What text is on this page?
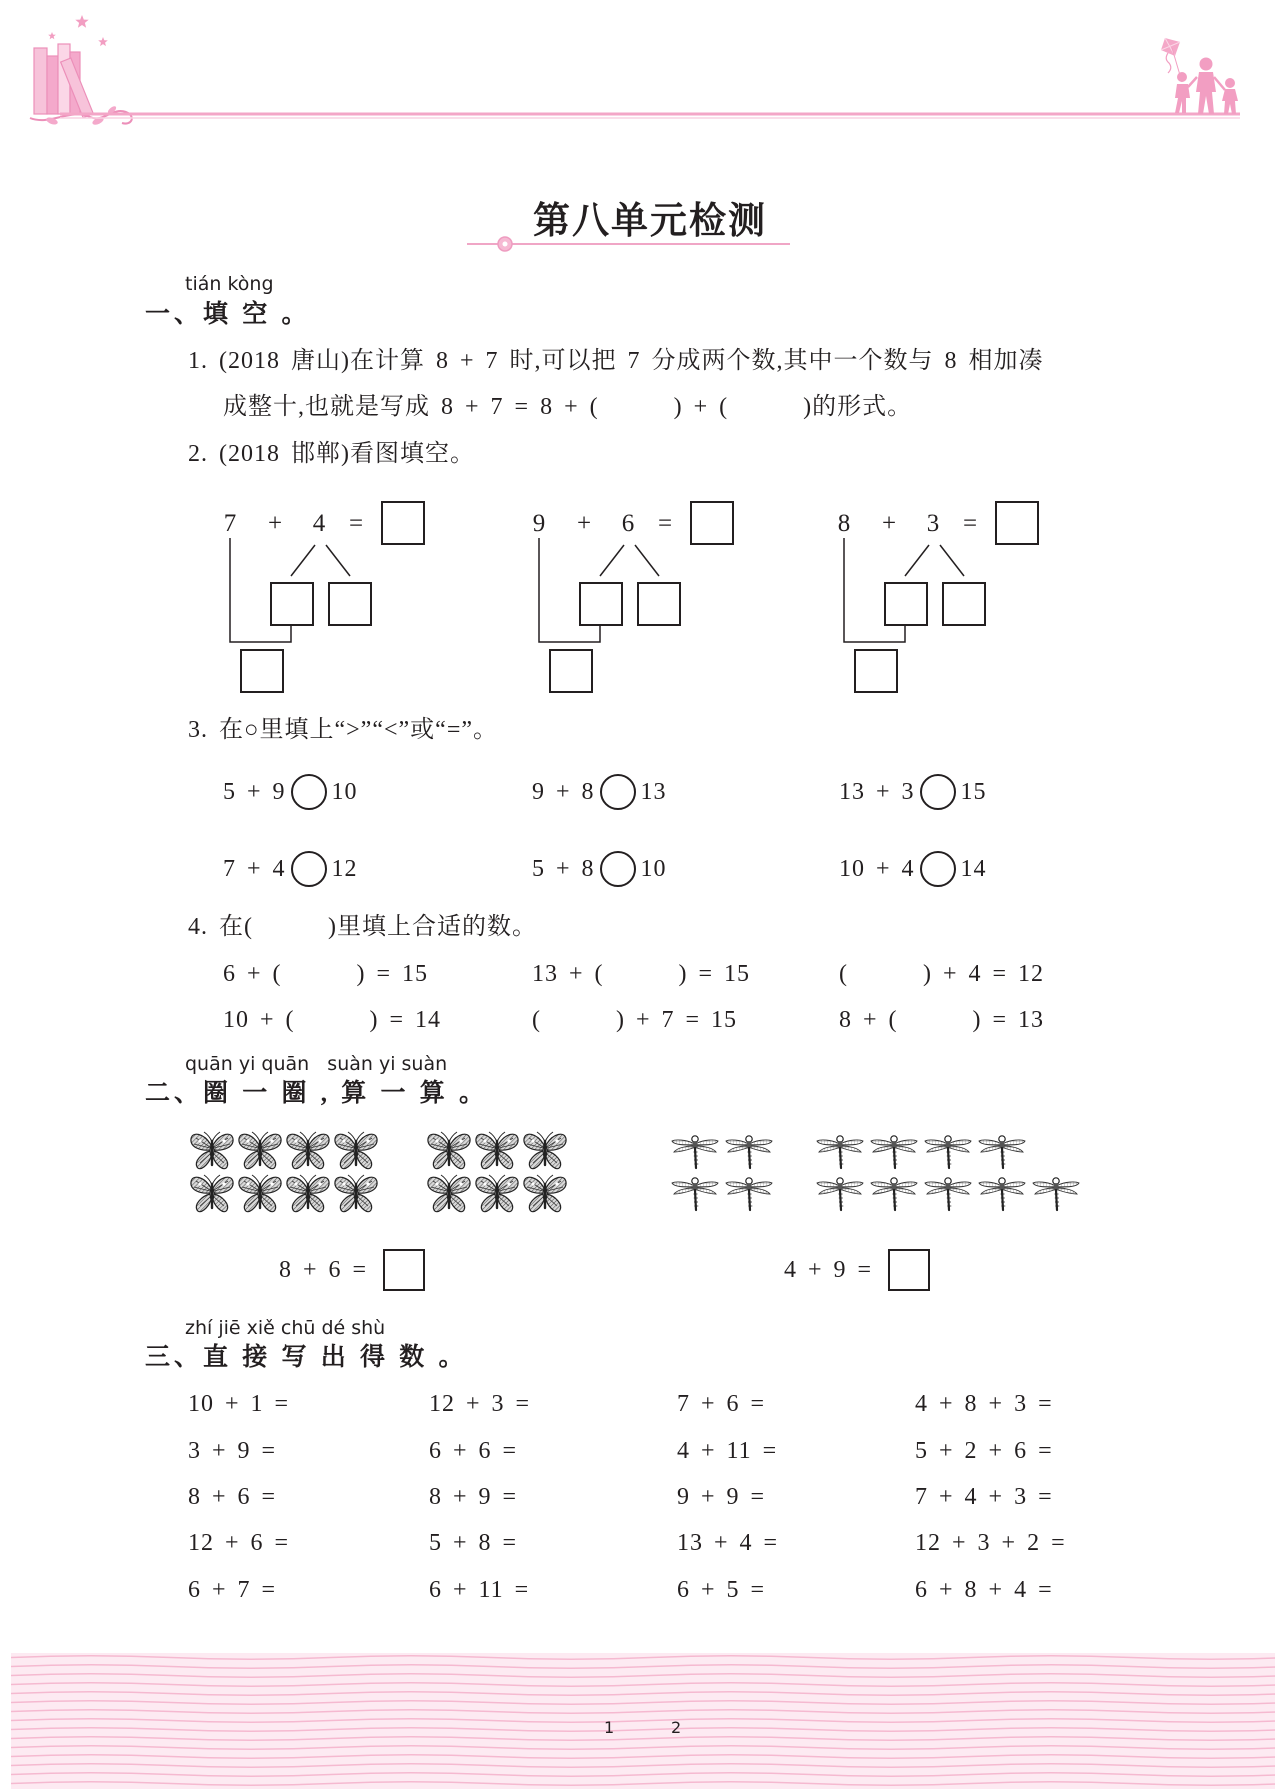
第八单元检测
tián kòng
一、填 空 。
1. (2018 唐山)在计算 8 + 7 时,可以把 7 分成两个数,其中一个数与 8 相加凑
成整十,也就是写成 8 + 7 = 8 + (　　　) + (　　　)的形式。
2. (2018 邯郸)看图填空。
7 + 4 =	9 + 6 =	8 + 3 =
3. 在○里填上“>”“<”或“=”。
5 + 9 10	9 + 8 13	13 + 3 15
7 + 4 12	5 + 8 10	10 + 4 14
4. 在(　　　)里填上合适的数。
6 + (　　　) = 15	13 + (　　　) = 15	(　　　) + 4 = 12
10 + (　　　) = 14	(　　　) + 7 = 15	8 + (　　　) = 13
quān yi quān   suàn yi suàn
二、圈 一 圈 , 算 一 算 。
8 + 6 =	4 + 9 =
zhí jiē xiě chū dé shù
三、直 接 写 出 得 数 。
10 + 1 =	12 + 3 =	7 + 6 =	4 + 8 + 3 =
3 + 9 =	6 + 6 =	4 + 11 =	5 + 2 + 6 =
8 + 6 =	8 + 9 =	9 + 9 =	7 + 4 + 3 =
12 + 6 =	5 + 8 =	13 + 4 =	12 + 3 + 2 =
6 + 7 =	6 + 11 =	6 + 5 =	6 + 8 + 4 =
1	2
